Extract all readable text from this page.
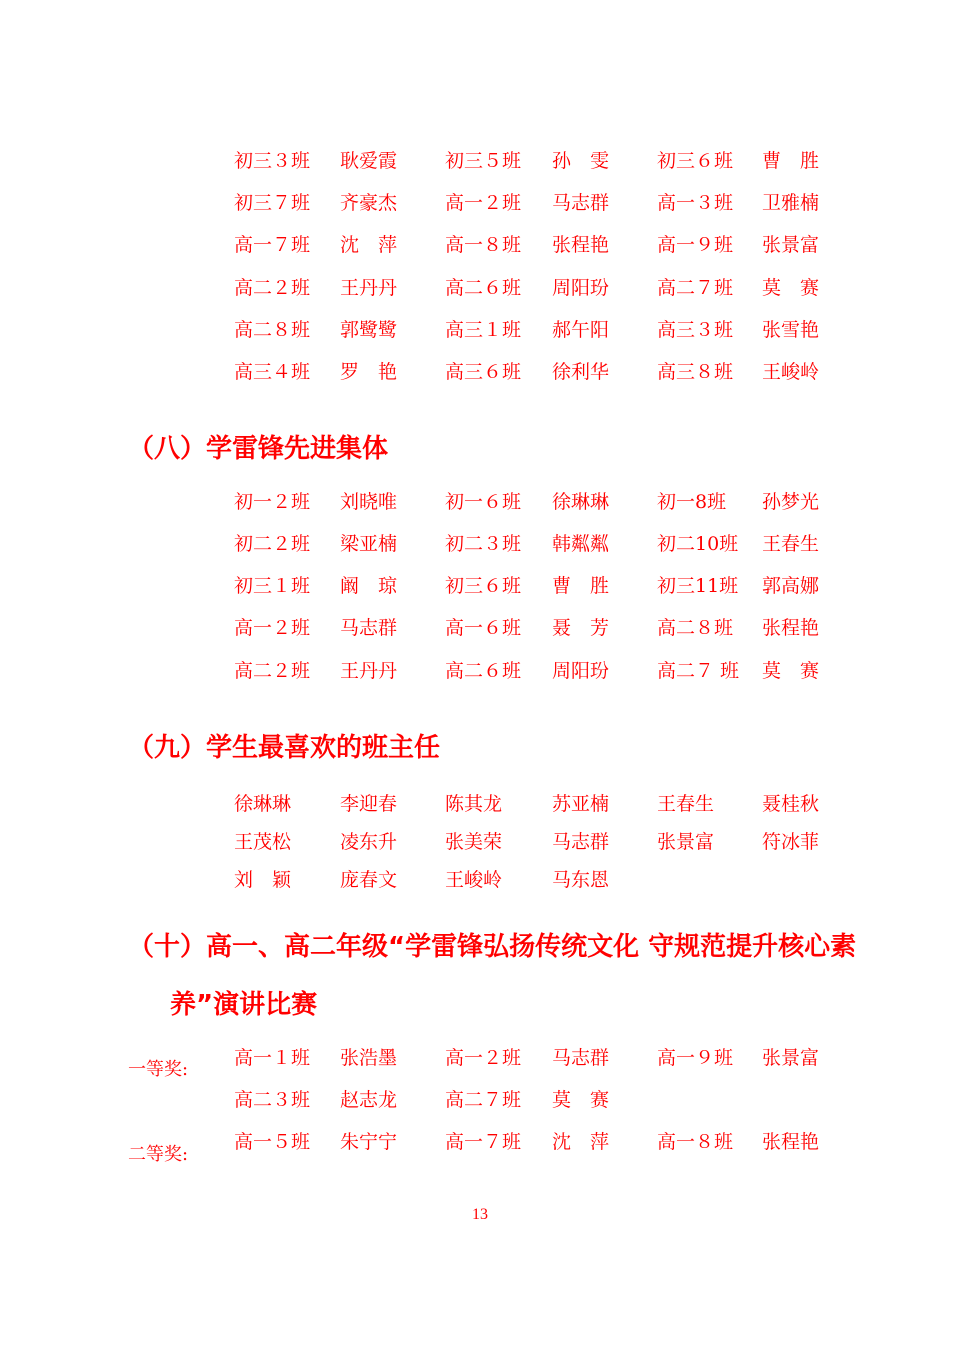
初三３班 耿爱霞	初三５班 孙　雯	初三６班 曹　胜
初三７班 齐豪杰	高一２班 马志群	高一３班 卫雅楠
高一７班 沈　萍	高一８班 张程艳	高一９班 张景富
高二２班 王丹丹	高二６班 周阳玢	高二７班 莫　赛
高二８班 郭鹭鹭	高三１班 郝午阳	高三３班 张雪艳
高三４班 罗　艳	高三６班 徐利华	高三８班 王峻岭
（八）学雷锋先进集体
初一２班 刘晓唯	初一６班 徐琳琳	初一8班 孙梦光
初二２班 梁亚楠	初二３班 韩粼粼	初二10班 王春生
初三１班 阚　琼	初三６班 曹　胜	初三11班 郭高娜
高一２班 马志群	高一６班 聂　芳	高二８班 张程艳
高二２班 王丹丹	高二６班 周阳玢	高二７ 班 莫　赛
（九）学生最喜欢的班主任
徐琳琳	李迎春	陈其龙	苏亚楠	王春生	聂桂秋
王茂松	凌东升	张美荣	马志群	张景富	符冰菲
刘　颖	庞春文	王峻岭	马东恩
（十）高一、高二年级“学雷锋弘扬传统文化 守规范提升核心素
养”演讲比赛
一等奖:
高一１班 张浩墨	高一２班 马志群	高一９班 张景富
高二３班 赵志龙	高二７班 莫　赛
二等奖:
高一５班 朱宁宁	高一７班 沈　萍	高一８班 张程艳
13
